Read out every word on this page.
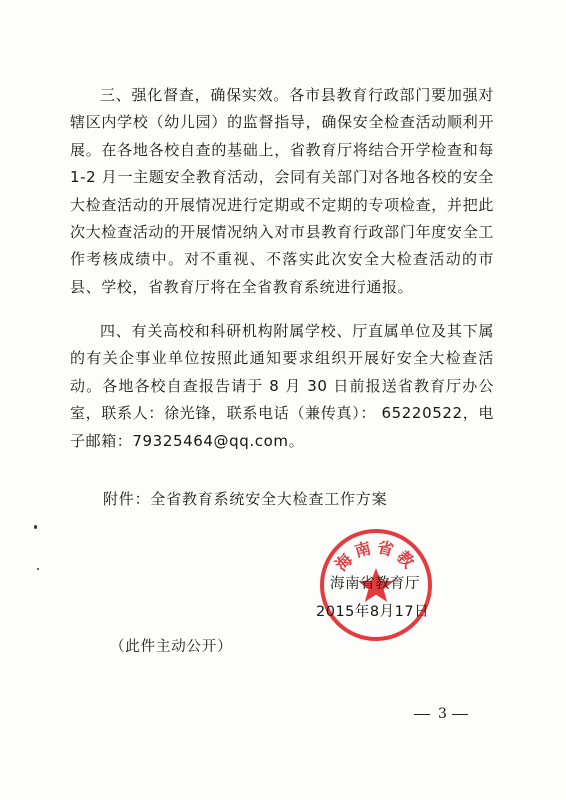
三、强化督查，确保实效。各市县教育行政部门要加强对辖区内学校（幼儿园）的监督指导，确保安全检查活动顺利开展。在各地各校自查的基础上，省教育厅将结合开学检查和每 1-2 月一主题安全教育活动，会同有关部门对各地各校的安全大检查活动的开展情况进行定期或不定期的专项检查，并把此次大检查活动的开展情况纳入对市县教育行政部门年度安全工作考核成绩中。对不重视、不落实此次安全大检查活动的市县、学校，省教育厅将在全省教育系统进行通报。

四、有关高校和科研机构附属学校、厅直属单位及其下属的有关企事业单位按照此通知要求组织开展好安全大检查活动。各地各校自查报告请于 8 月 30 日前报送省教育厅办公室，联系人：徐光锋，联系电话（兼传真）： 65220522，电子邮箱：79325464@qq.com。

附件：全省教育系统安全大检查工作方案
海南省教
海南省教育厅
2015年8月17日
（此件主动公开）
3
